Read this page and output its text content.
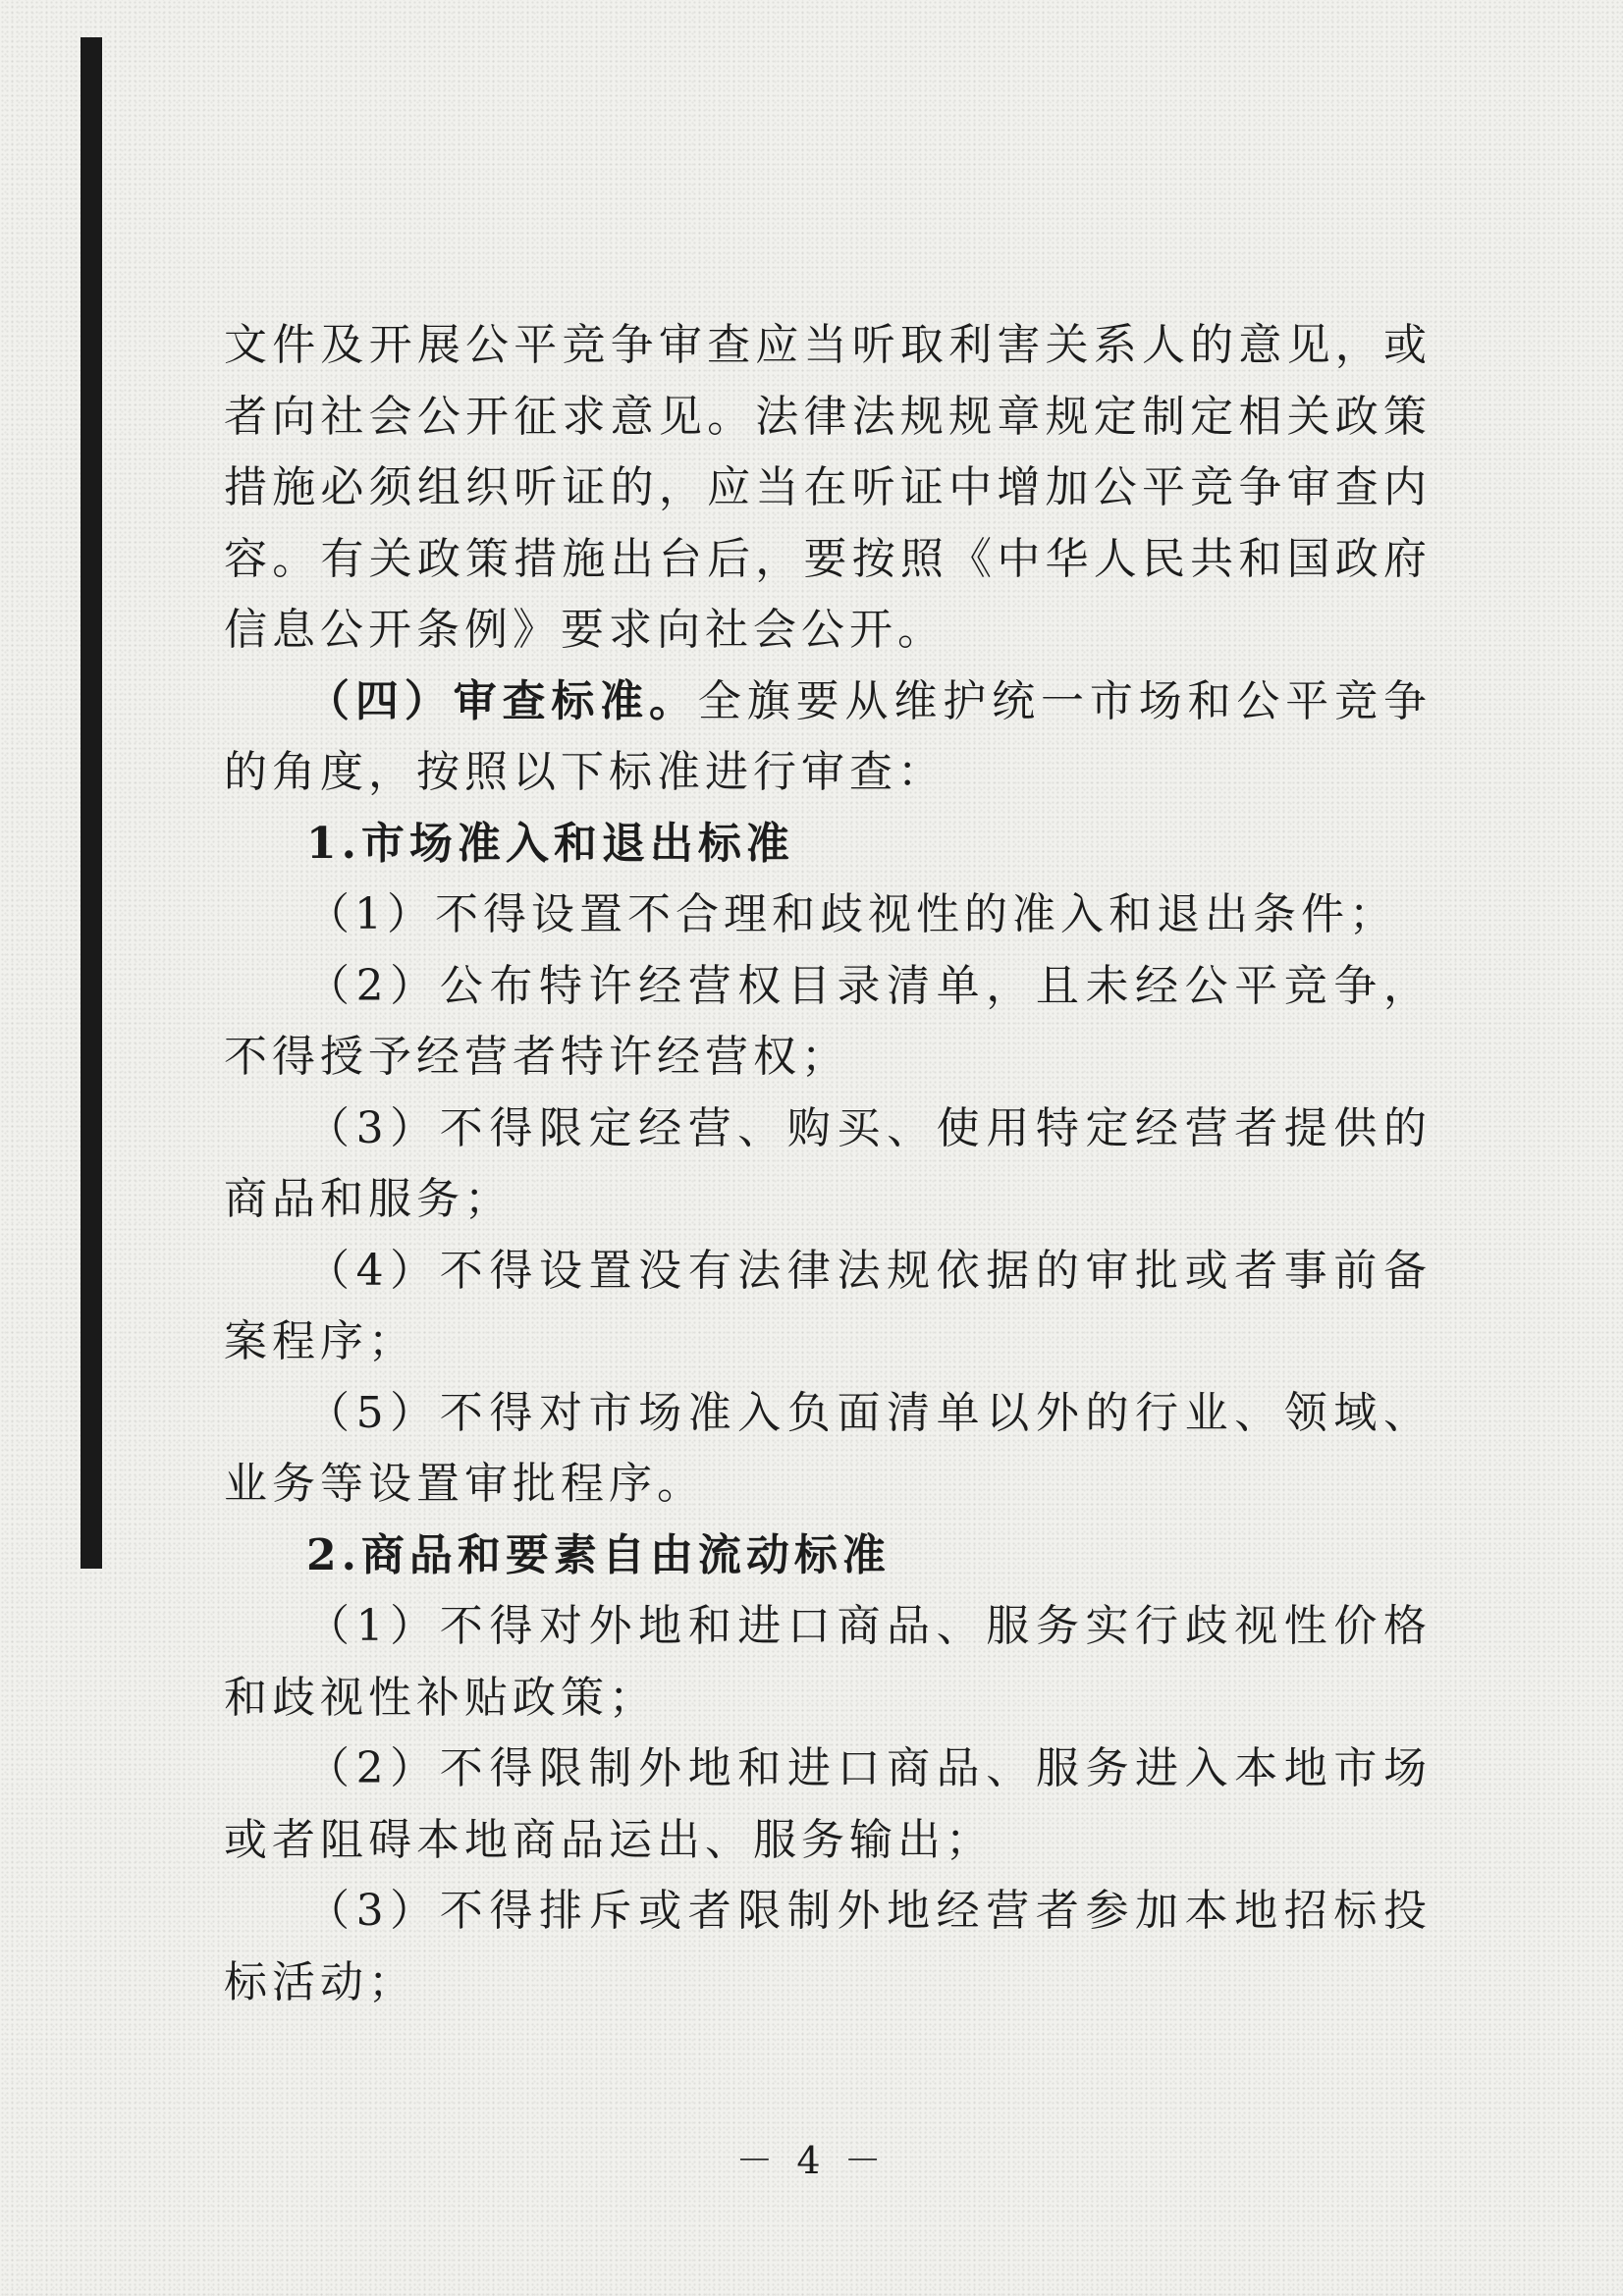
文件及开展公平竞争审查应当听取利害关系人的意见，或者向社会公开征求意见。法律法规规章规定制定相关政策措施必须组织听证的，应当在听证中增加公平竞争审查内容。有关政策措施出台后，要按照《中华人民共和国政府信息公开条例》要求向社会公开。

（四）审查标准。全旗要从维护统一市场和公平竞争的角度，按照以下标准进行审查：

1.市场准入和退出标准

（1）不得设置不合理和歧视性的准入和退出条件；

（2）公布特许经营权目录清单，且未经公平竞争，不得授予经营者特许经营权；

（3）不得限定经营、购买、使用特定经营者提供的商品和服务；

（4）不得设置没有法律法规依据的审批或者事前备案程序；

（5）不得对市场准入负面清单以外的行业、领域、业务等设置审批程序。

2.商品和要素自由流动标准

（1）不得对外地和进口商品、服务实行歧视性价格和歧视性补贴政策；

（2）不得限制外地和进口商品、服务进入本地市场或者阻碍本地商品运出、服务输出；

（3）不得排斥或者限制外地经营者参加本地招标投标活动；

－ 4 －
